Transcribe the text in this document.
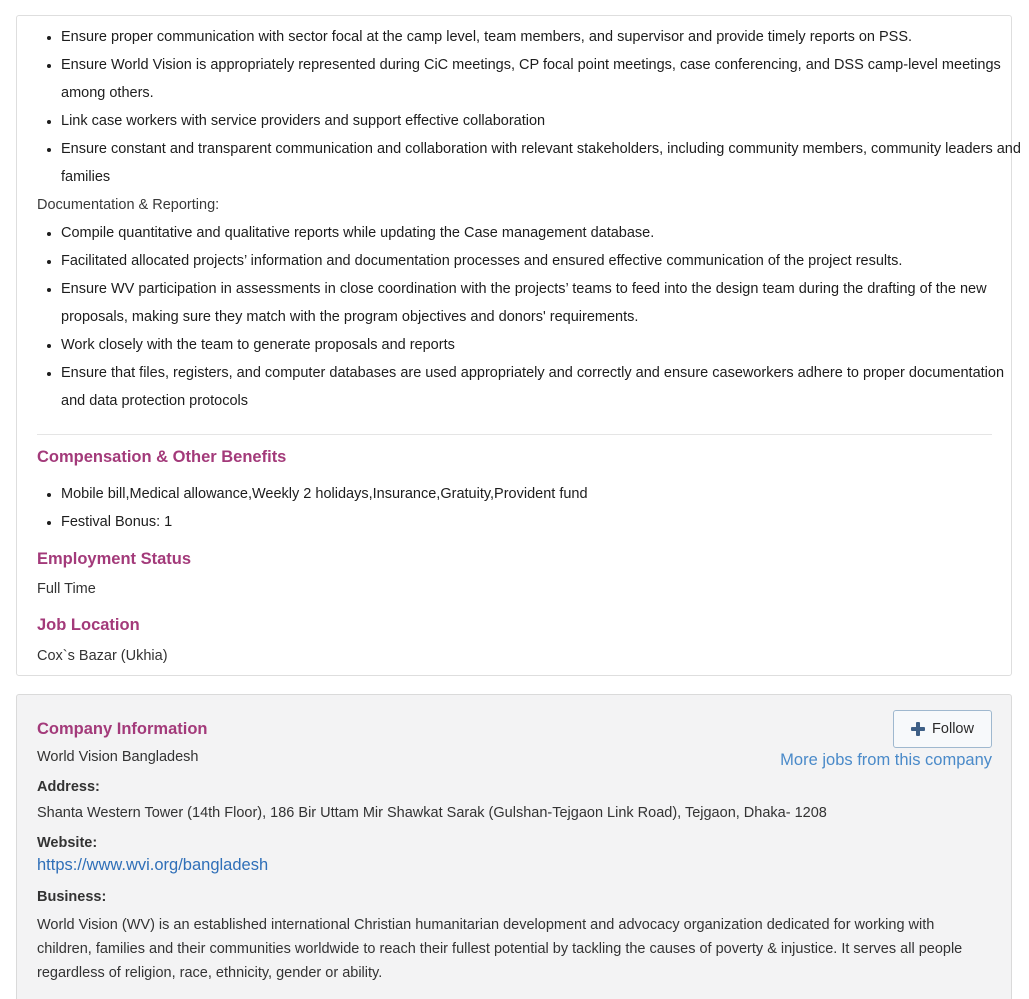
• Ensure proper communication with sector focal at the camp level, team members, and supervisor and provide timely reports on PSS.
• Ensure World Vision is appropriately represented during CiC meetings, CP focal point meetings, case conferencing, and DSS camp-level meetings among others.
• Link case workers with service providers and support effective collaboration
• Ensure constant and transparent communication and collaboration with relevant stakeholders, including community members, community leaders and families
Documentation & Reporting:
• Compile quantitative and qualitative reports while updating the Case management database.
• Facilitated allocated projects’ information and documentation processes and ensured effective communication of the project results.
• Ensure WV participation in assessments in close coordination with the projects’ teams to feed into the design team during the drafting of the new proposals, making sure they match with the program objectives and donors' requirements.
• Work closely with the team to generate proposals and reports
• Ensure that files, registers, and computer databases are used appropriately and correctly and ensure caseworkers adhere to proper documentation and data protection protocols
Compensation & Other Benefits
• Mobile bill,Medical allowance,Weekly 2 holidays,Insurance,Gratuity,Provident fund
• Festival Bonus: 1
Employment Status
Full Time
Job Location
Cox`s Bazar (Ukhia)
Company Information
World Vision Bangladesh
Follow
More jobs from this company
Address:
Shanta Western Tower (14th Floor), 186 Bir Uttam Mir Shawkat Sarak (Gulshan-Tejgaon Link Road), Tejgaon, Dhaka- 1208
Website:
https://www.wvi.org/bangladesh
Business:
World Vision (WV) is an established international Christian humanitarian development and advocacy organization dedicated for working with children, families and their communities worldwide to reach their fullest potential by tackling the causes of poverty & injustice. It serves all people regardless of religion, race, ethnicity, gender or ability.
